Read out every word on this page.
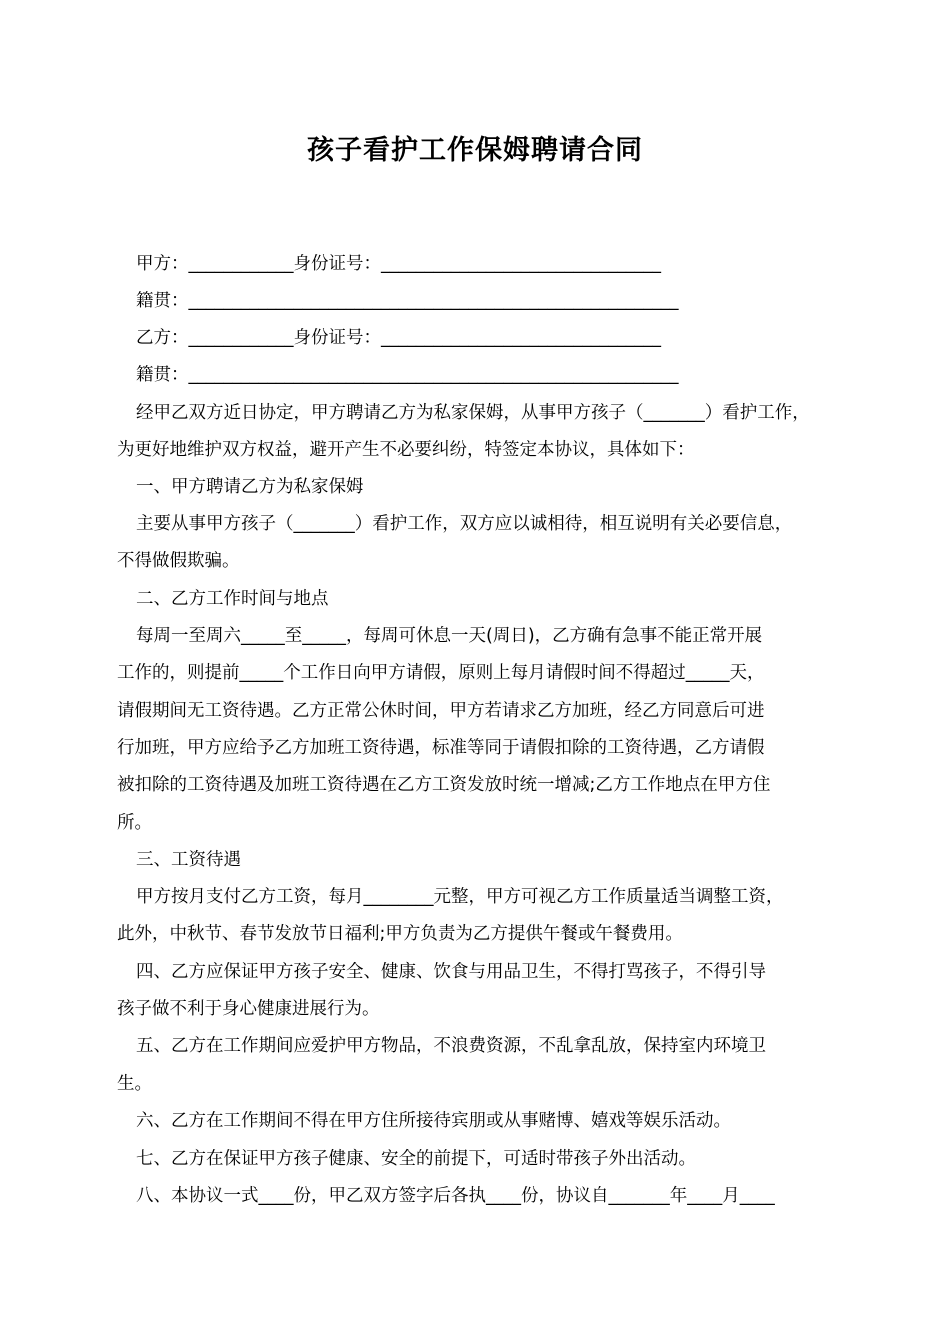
孩子看护工作保姆聘请合同
甲方：____________身份证号：________________________________
籍贯：________________________________________________________
乙方：____________身份证号：________________________________
籍贯：________________________________________________________
经甲乙双方近日协定，甲方聘请乙方为私家保姆，从事甲方孩子（_______）看护工作，
为更好地维护双方权益，避开产生不必要纠纷，特签定本协议，具体如下：
一、甲方聘请乙方为私家保姆
主要从事甲方孩子（_______）看护工作，双方应以诚相待，相互说明有关必要信息，
不得做假欺骗。
二、乙方工作时间与地点
每周一至周六_____至_____，每周可休息一天(周日)，乙方确有急事不能正常开展
工作的，则提前_____个工作日向甲方请假，原则上每月请假时间不得超过_____天，
请假期间无工资待遇。乙方正常公休时间，甲方若请求乙方加班，经乙方同意后可进
行加班，甲方应给予乙方加班工资待遇，标准等同于请假扣除的工资待遇，乙方请假
被扣除的工资待遇及加班工资待遇在乙方工资发放时统一增减;乙方工作地点在甲方住
所。
三、工资待遇
甲方按月支付乙方工资，每月________元整，甲方可视乙方工作质量适当调整工资，
此外，中秋节、春节发放节日福利;甲方负责为乙方提供午餐或午餐费用。
四、乙方应保证甲方孩子安全、健康、饮食与用品卫生，不得打骂孩子，不得引导
孩子做不利于身心健康进展行为。
五、乙方在工作期间应爱护甲方物品，不浪费资源，不乱拿乱放，保持室内环境卫
生。
六、乙方在工作期间不得在甲方住所接待宾朋或从事赌博、嬉戏等娱乐活动。
七、乙方在保证甲方孩子健康、安全的前提下，可适时带孩子外出活动。
八、本协议一式____份，甲乙双方签字后各执____份，协议自_______年____月____
